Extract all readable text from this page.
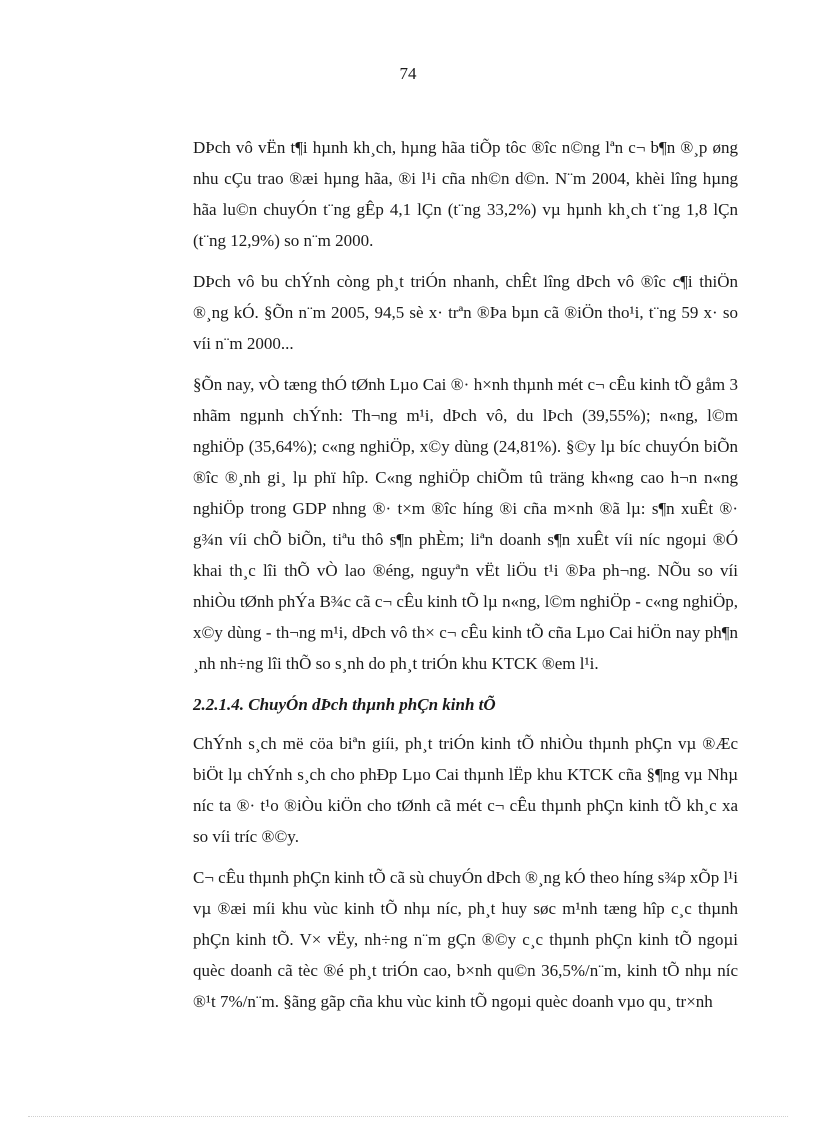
74

DÞch vô vËn t¶i hµnh kh¸ch, hµng hãa tiÕp tôc ®îc n©ng lªn c¬ b¶n ®¸p øng nhu cÇu trao ®æi hµng hãa, ®i l¹i cña nh©n d©n. N¨m 2004, khèi lîng hµng hãa lu©n chuyÓn t¨ng gÊp 4,1 lÇn (t¨ng 33,2%) vµ hµnh kh¸ch t¨ng 1,8 lÇn (t¨ng 12,9%) so n¨m 2000.

DÞch vô bu chÝnh còng ph¸t triÓn nhanh, chÊt lîng dÞch vô ®îc c¶i thiÖn ®¸ng kÓ. §Õn n¨m 2005, 94,5 sè x· trªn ®Þa bµn cã ®iÖn tho¹i, t¨ng 59 x· so víi n¨m 2000...

§Õn nay, vÒ tæng thÓ tØnh Lµo Cai ®· h×nh thµnh mét c¬ cÊu kinh tÕ gåm 3 nhãm ngµnh chÝnh: Th¬ng m¹i, dÞch vô, du lÞch (39,55%); n«ng, l©m nghiÖp (35,64%); c«ng nghiÖp, x©y dùng (24,81%). §©y lµ bíc chuyÓn biÕn ®îc ®¸nh gi¸ lµ phï hîp. C«ng nghiÖp chiÕm tû träng kh«ng cao h¬n n«ng nghiÖp trong GDP nhng ®· t×m ®îc híng ®i cña m×nh ®ã lµ: s¶n xuÊt ®· g¾n víi chÕ biÕn, tiªu thô s¶n phÈm; liªn doanh s¶n xuÊt víi níc ngoµi ®Ó khai th¸c lîi thÕ vÒ lao ®éng, nguyªn vËt liÖu t¹i ®Þa ph¬ng. NÕu so víi nhiÒu tØnh phÝa B¾c cã c¬ cÊu kinh tÕ lµ n«ng, l©m nghiÖp - c«ng nghiÖp, x©y dùng - th¬ng m¹i, dÞch vô th× c¬ cÊu kinh tÕ cña Lµo Cai hiÖn nay ph¶n ¸nh nh÷ng lîi thÕ so s¸nh do ph¸t triÓn khu KTCK ®em l¹i.

2.2.1.4. ChuyÓn dÞch thµnh phÇn kinh tÕ

ChÝnh s¸ch më cöa biªn giíi, ph¸t triÓn kinh tÕ nhiÒu thµnh phÇn vµ ®Æc biÖt lµ chÝnh s¸ch cho phÐp Lµo Cai thµnh lËp khu KTCK cña §¶ng vµ Nhµ níc ta ®· t¹o ®iÒu kiÖn cho tØnh cã mét c¬ cÊu thµnh phÇn kinh tÕ kh¸c xa so víi tríc ®©y.

C¬ cÊu thµnh phÇn kinh tÕ cã sù chuyÓn dÞch ®¸ng kÓ theo híng s¾p xÕp l¹i vµ ®æi míi khu vùc kinh tÕ nhµ níc, ph¸t huy søc m¹nh tæng hîp c¸c thµnh phÇn kinh tÕ. V× vËy, nh÷ng n¨m gÇn ®©y c¸c thµnh phÇn kinh tÕ ngoµi quèc doanh cã tèc ®é ph¸t triÓn cao, b×nh qu©n 36,5%/n¨m, kinh tÕ nhµ níc ®¹t 7%/n¨m. §ãng gãp cña khu vùc kinh tÕ ngoµi quèc doanh vµo qu¸ tr×nh
